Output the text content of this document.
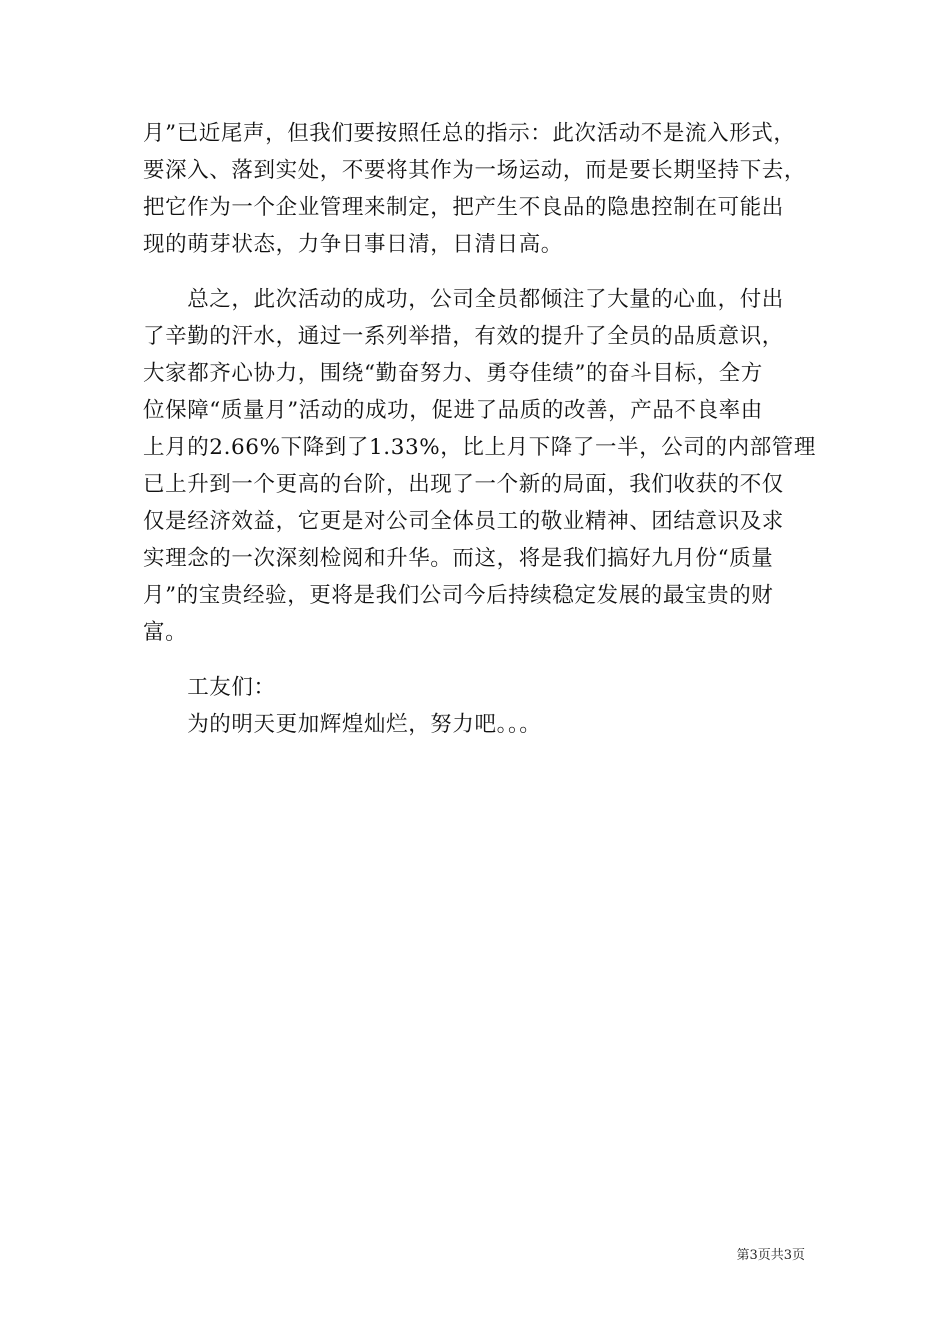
月”已近尾声，但我们要按照任总的指示：此次活动不是流入形式，
要深入、落到实处，不要将其作为一场运动，而是要长期坚持下去，
把它作为一个企业管理来制定，把产生不良品的隐患控制在可能出
现的萌芽状态，力争日事日清，日清日高。
　　总之，此次活动的成功，公司全员都倾注了大量的心血，付出
了辛勤的汗水，通过一系列举措，有效的提升了全员的品质意识，
大家都齐心协力，围绕“勤奋努力、勇夺佳绩”的奋斗目标，全方
位保障“质量月”活动的成功，促进了品质的改善，产品不良率由
上月的2.66%下降到了1.33%，比上月下降了一半，公司的内部管理
已上升到一个更高的台阶，出现了一个新的局面，我们收获的不仅
仅是经济效益，它更是对公司全体员工的敬业精神、团结意识及求
实理念的一次深刻检阅和升华。而这，将是我们搞好九月份“质量
月”的宝贵经验，更将是我们公司今后持续稳定发展的最宝贵的财
富。
　　工友们：
　　为的明天更加辉煌灿烂，努力吧。。。
第3页共3页
